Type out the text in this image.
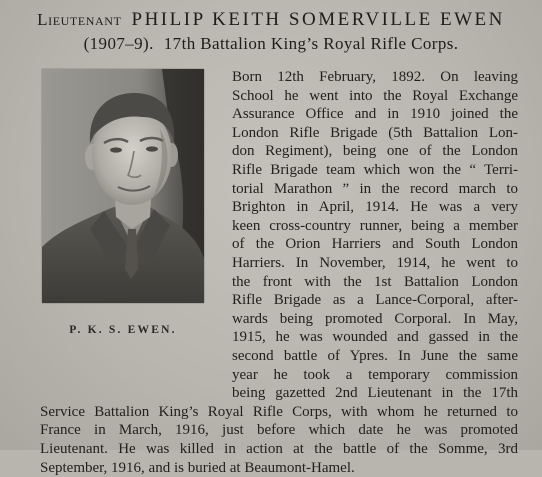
Lieutenant PHILIP KEITH SOMERVILLE EWEN
(1907–9). 17th Battalion King’s Royal Rifle Corps.
P. K. S. EWEN.
Born 12th February, 1892. On leaving
School he went into the Royal Exchange
Assurance Office and in 1910 joined the
London Rifle Brigade (5th Battalion Lon-
don Regiment), being one of the London
Rifle Brigade team which won the “ Terri-
torial Marathon ” in the record march to
Brighton in April, 1914. He was a very
keen cross-country runner, being a member
of the Orion Harriers and South London
Harriers. In November, 1914, he went to
the front with the 1st Battalion London
Rifle Brigade as a Lance-Corporal, after-
wards being promoted Corporal. In May,
1915, he was wounded and gassed in the
second battle of Ypres. In June the same
year he took a temporary commission
being gazetted 2nd Lieutenant in the 17th
Service Battalion King’s Royal Rifle Corps, with whom he returned to
France in March, 1916, just before which date he was promoted
Lieutenant. He was killed in action at the battle of the Somme, 3rd
September, 1916, and is buried at Beaumont-Hamel.
